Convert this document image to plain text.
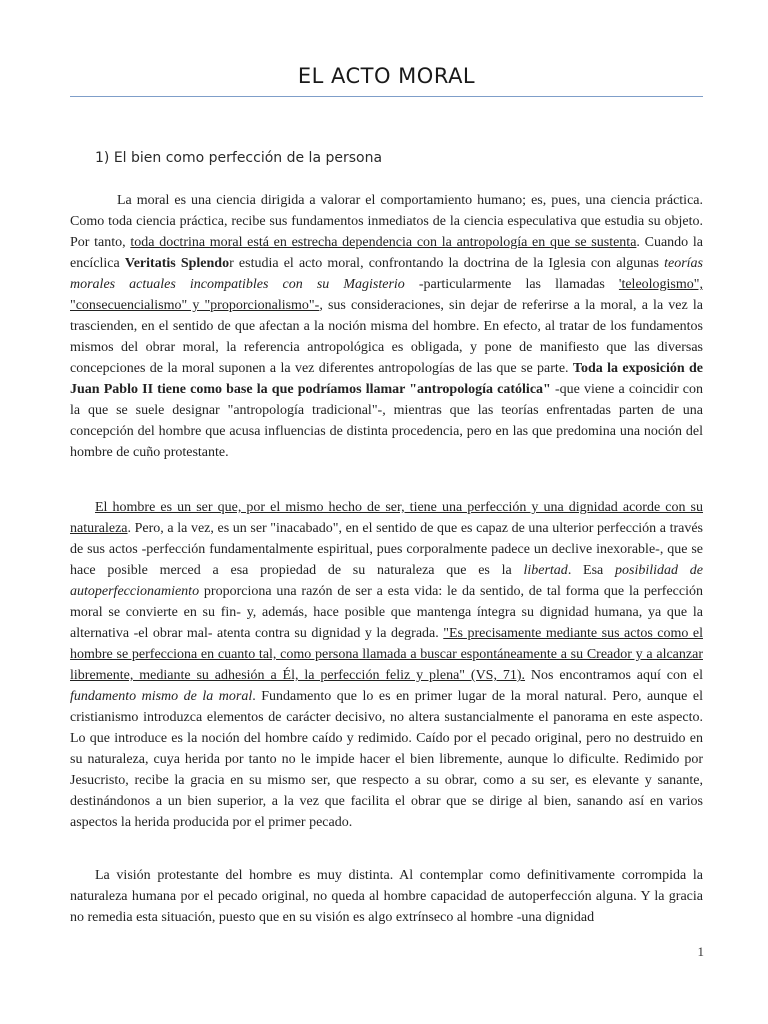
EL ACTO MORAL
1) El bien como perfección de la persona

La moral es una ciencia dirigida a valorar el comportamiento humano; es, pues, una ciencia práctica. Como toda ciencia práctica, recibe sus fundamentos inmediatos de la ciencia especulativa que estudia su objeto. Por tanto, toda doctrina moral está en estrecha dependencia con la antropología en que se sustenta. Cuando la encíclica Veritatis Splendor estudia el acto moral, confrontando la doctrina de la Iglesia con algunas teorías morales actuales incompatibles con su Magisterio -particularmente las llamadas 'teleologismo", "consecuencialismo" y "proporcionalismo"-, sus consideraciones, sin dejar de referirse a la moral, a la vez la trascienden, en el sentido de que afectan a la noción misma del hombre. En efecto, al tratar de los fundamentos mismos del obrar moral, la referencia antropológica es obligada, y pone de manifiesto que las diversas concepciones de la moral suponen a la vez diferentes antropologías de las que se parte. Toda la exposición de Juan Pablo II tiene como base la que podríamos llamar "antropología católica" -que viene a coincidir con la que se suele designar "antropología tradicional"-, mientras que las teorías enfrentadas parten de una concepción del hombre que acusa influencias de distinta procedencia, pero en las que predomina una noción del hombre de cuño protestante.

El hombre es un ser que, por el mismo hecho de ser, tiene una perfección y una dignidad acorde con su naturaleza. Pero, a la vez, es un ser "inacabado", en el sentido de que es capaz de una ulterior perfección a través de sus actos -perfección fundamentalmente espiritual, pues corporalmente padece un declive inexorable-, que se hace posible merced a esa propiedad de su naturaleza que es la libertad. Esa posibilidad de autoperfeccionamiento proporciona una razón de ser a esta vida: le da sentido, de tal forma que la perfección moral se convierte en su fin- y, además, hace posible que mantenga íntegra su dignidad humana, ya que la alternativa -el obrar mal- atenta contra su dignidad y la degrada. "Es precisamente mediante sus actos como el hombre se perfecciona en cuanto tal, como persona llamada a buscar espontáneamente a su Creador y a alcanzar libremente, mediante su adhesión a Él, la perfección feliz y plena" (VS, 71). Nos encontramos aquí con el fundamento mismo de la moral. Fundamento que lo es en primer lugar de la moral natural. Pero, aunque el cristianismo introduzca elementos de carácter decisivo, no altera sustancialmente el panorama en este aspecto. Lo que introduce es la noción del hombre caído y redimido. Caído por el pecado original, pero no destruido en su naturaleza, cuya herida por tanto no le impide hacer el bien libremente, aunque lo dificulte. Redimido por Jesucristo, recibe la gracia en su mismo ser, que respecto a su obrar, como a su ser, es elevante y sanante, destinándonos a un bien superior, a la vez que facilita el obrar que se dirige al bien, sanando así en varios aspectos la herida producida por el primer pecado.

La visión protestante del hombre es muy distinta. Al contemplar como definitivamente corrompida la naturaleza humana por el pecado original, no queda al hombre capacidad de autoperfección alguna. Y la gracia no remedia esta situación, puesto que en su visión es algo extrínseco al hombre -una dignidad

1
